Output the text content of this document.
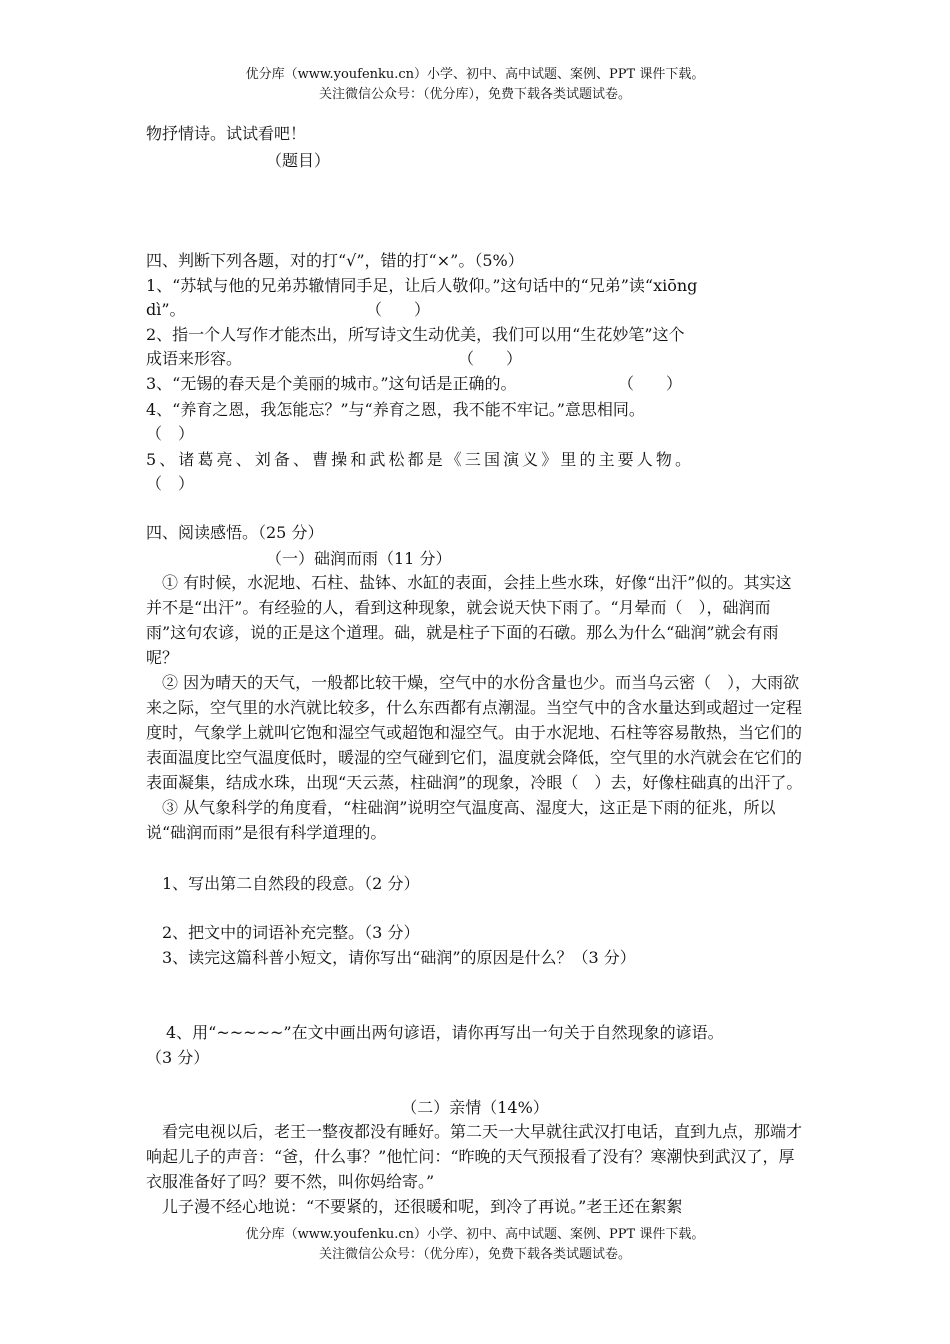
优分库（www.youfenku.cn）小学、初中、高中试题、案例、PPT 课件下载。
关注微信公众号：（优分库），免费下载各类试题试卷。
物抒情诗。试试看吧！
（题目）
四、判断下列各题，对的打“√”，错的打“×”。（5%）
1、“苏轼与他的兄弟苏辙情同手足，让后人敬仰。”这句话中的“兄弟”读“xiōng
dì”。	（　　）
2、指一个人写作才能杰出，所写诗文生动优美，我们可以用“生花妙笔”这个
成语来形容。	（　　）
3、“无锡的春天是个美丽的城市。”这句话是正确的。	（　　）
4、“养育之恩，我怎能忘？”与“养育之恩，我不能不牢记。”意思相同。
（　）
5、诸葛亮、刘备、曹操和武松都是《三国演义》里的主要人物。
（　）
四、阅读感悟。（25 分）
（一）础润而雨（11 分）

① 有时候，水泥地、石柱、盐钵、水缸的表面，会挂上些水珠，好像“出汗”似的。其实这并不是“出汗”。有经验的人，看到这种现象，就会说天快下雨了。“月晕而（　），础润而雨”这句农谚，说的正是这个道理。础，就是柱子下面的石礅。那么为什么“础润”就会有雨呢？

② 因为晴天的天气，一般都比较干燥，空气中的水份含量也少。而当乌云密（　），大雨欲来之际，空气里的水汽就比较多，什么东西都有点潮湿。当空气中的含水量达到或超过一定程度时，气象学上就叫它饱和湿空气或超饱和湿空气。由于水泥地、石柱等容易散热，当它们的表面温度比空气温度低时，暖湿的空气碰到它们，温度就会降低，空气里的水汽就会在它们的表面凝集，结成水珠，出现“天云蒸，柱础润”的现象，冷眼（　）去，好像柱础真的出汗了。

③ 从气象科学的角度看，“柱础润”说明空气温度高、湿度大，这正是下雨的征兆，所以说“础润而雨”是很有科学道理的。

1、写出第二自然段的段意。（2 分）
2、把文中的词语补充完整。（3 分）
3、读完这篇科普小短文，请你写出“础润”的原因是什么？（3 分）
4、用“~~~~~”在文中画出两句谚语，请你再写出一句关于自然现象的谚语。
（3 分）
（二）亲情（14%）

看完电视以后，老王一整夜都没有睡好。第二天一大早就往武汉打电话，直到九点，那端才响起儿子的声音：“爸，什么事？”他忙问：“昨晚的天气预报看了没有？寒潮快到武汉了，厚衣服准备好了吗？要不然，叫你妈给寄。”

儿子漫不经心地说：“不要紧的，还很暖和呢，到冷了再说。”老王还在絮絮

优分库（www.youfenku.cn）小学、初中、高中试题、案例、PPT 课件下载。
关注微信公众号：（优分库），免费下载各类试题试卷。
